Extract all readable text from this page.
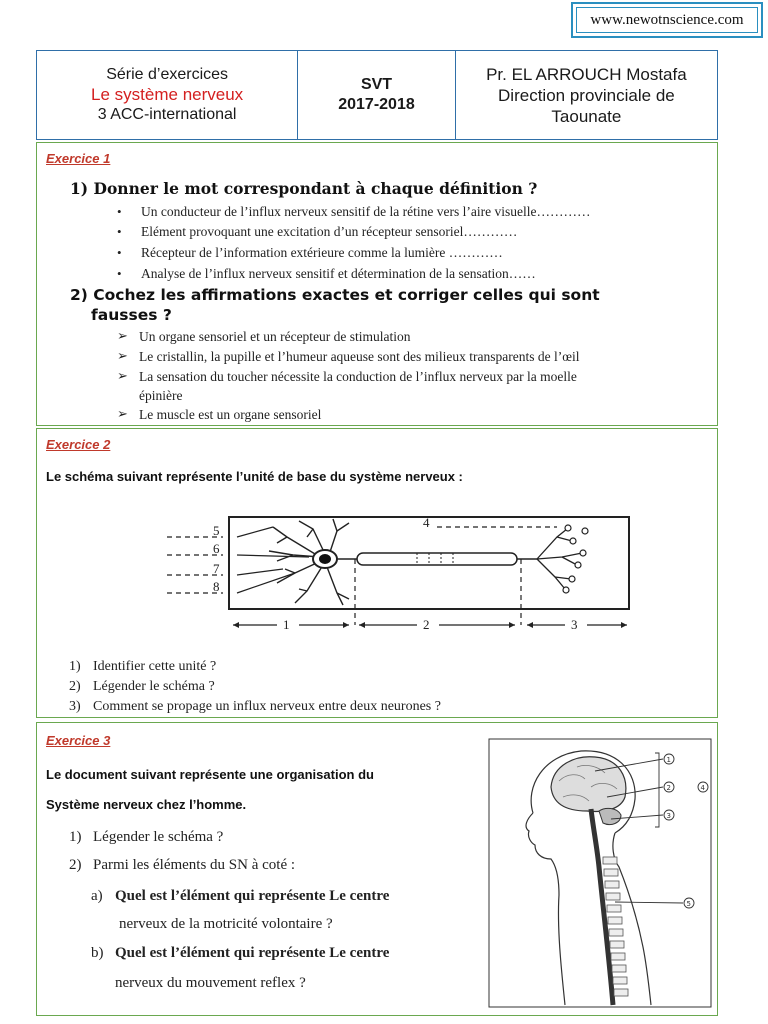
www.newotnscience.com
Série d’exercices
Le système nerveux
3 ACC-international
SVT
2017-2018
Pr. EL ARROUCH Mostafa
Direction provinciale de
Taounate
Exercice 1
1) Donner le mot correspondant à chaque définition ?
• Un conducteur de l’influx nerveux sensitif de la rétine vers l’aire visuelle…………
• Elément provoquant une excitation d’un récepteur sensoriel…………
• Récepteur de l’information extérieure comme la lumière …………
• Analyse de l’influx nerveux sensitif et détermination de la sensation……
2) Cochez les affirmations exactes et corriger celles qui sont
fausses ?
➢ Un organe sensoriel et un récepteur de stimulation
➢ Le cristallin, la pupille et l’humeur aqueuse sont des milieux transparents de l’œil
➢ La sensation du toucher nécessite la conduction de l’influx nerveux par la moelle
épinière
➢ Le muscle est un organe sensoriel
Exercice 2
Le schéma suivant représente l’unité de base du système nerveux :
5
6
7
8
4
1	2	3
1) Identifier cette unité ?
2) Légender le schéma ?
3) Comment se propage un influx nerveux entre deux neurones ?
Exercice 3
Le document suivant représente une organisation du
Système nerveux chez l’homme.
1) Légender le schéma ?
2) Parmi les éléments du SN à coté :
a) Quel est l’élément qui représente Le centre
nerveux de la motricité volontaire ?
b) Quel est l’élément qui représente Le centre
nerveux du mouvement reflex ?
1
2
3
4
5
